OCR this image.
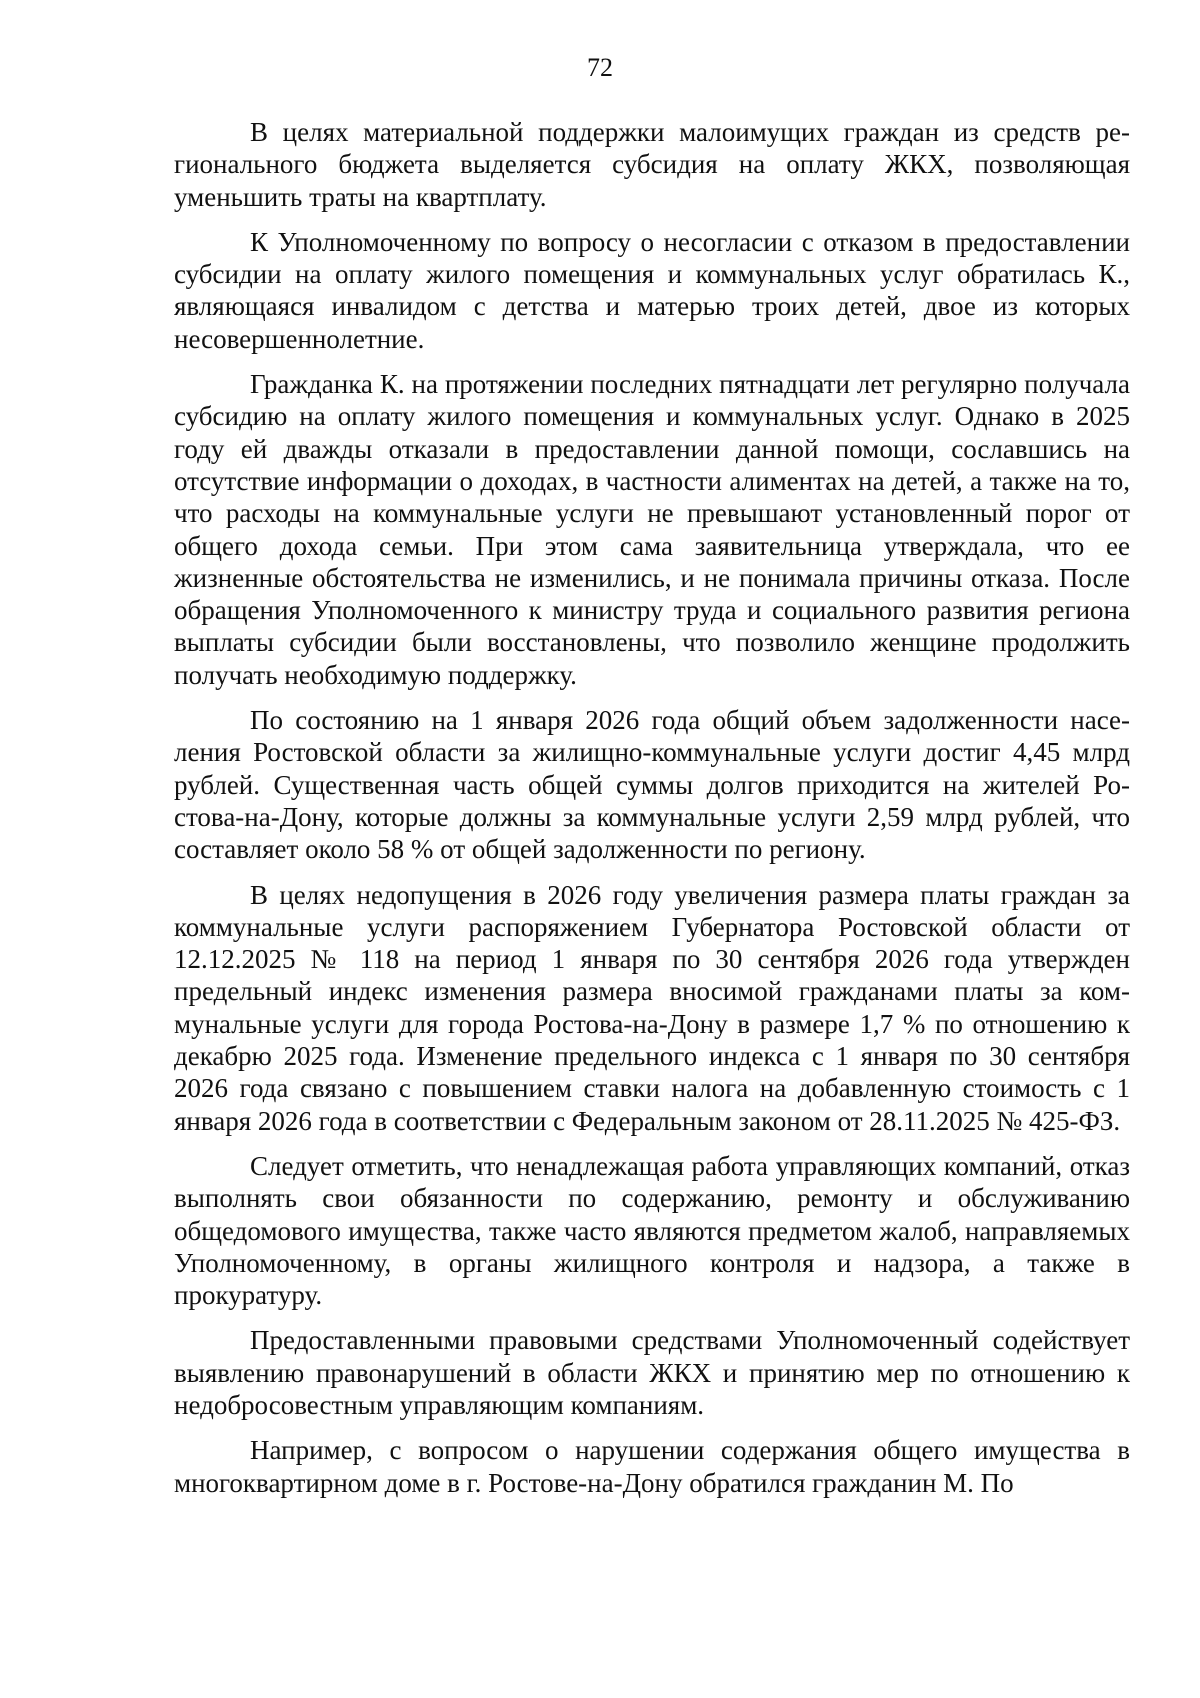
72

В целях материальной поддержки малоимущих граждан из средств регионального бюджета выделяется субсидия на оплату ЖКХ, позволяющая уменьшить траты на квартплату.

К Уполномоченному по вопросу о несогласии с отказом в предоставлении субсидии на оплату жилого помещения и коммунальных услуг обратилась К., являющаяся инвалидом с детства и матерью троих детей, двое из которых несовершеннолетние.

Гражданка К. на протяжении последних пятнадцати лет регулярно получала субсидию на оплату жилого помещения и коммунальных услуг. Однако в 2025 году ей дважды отказали в предоставлении данной помощи, сославшись на отсутствие информации о доходах, в частности алиментах на детей, а также на то, что расходы на коммунальные услуги не превышают установленный порог от общего дохода семьи. При этом сама заявительница утверждала, что ее жизненные обстоятельства не изменились, и не понимала причины отказа. После обращения Уполномоченного к министру труда и социального развития региона выплаты субсидии были восстановлены, что позволило женщине продолжить получать необходимую поддержку.

По состоянию на 1 января 2026 года общий объем задолженности населения Ростовской области за жилищно-коммунальные услуги достиг 4,45 млрд рублей. Существенная часть общей суммы долгов приходится на жителей Ростова-на-Дону, которые должны за коммунальные услуги 2,59 млрд рублей, что составляет около 58 % от общей задолженности по региону.

В целях недопущения в 2026 году увеличения размера платы граждан за коммунальные услуги распоряжением Губернатора Ростовской области от 12.12.2025 № 118 на период 1 января по 30 сентября 2026 года утвержден предельный индекс изменения размера вносимой гражданами платы за коммунальные услуги для города Ростова-на-Дону в размере 1,7 % по отношению к декабрю 2025 года. Изменение предельного индекса с 1 января по 30 сентября 2026 года связано с повышением ставки налога на добавленную стоимость с 1 января 2026 года в соответствии с Федеральным законом от 28.11.2025 № 425-ФЗ.

Следует отметить, что ненадлежащая работа управляющих компаний, отказ выполнять свои обязанности по содержанию, ремонту и обслуживанию общедомового имущества, также часто являются предметом жалоб, направляемых Уполномоченному, в органы жилищного контроля и надзора, а также в прокуратуру.

Предоставленными правовыми средствами Уполномоченный содействует выявлению правонарушений в области ЖКХ и принятию мер по отношению к недобросовестным управляющим компаниям.

Например, с вопросом о нарушении содержания общего имущества в многоквартирном доме в г. Ростове-на-Дону обратился гражданин М. По
